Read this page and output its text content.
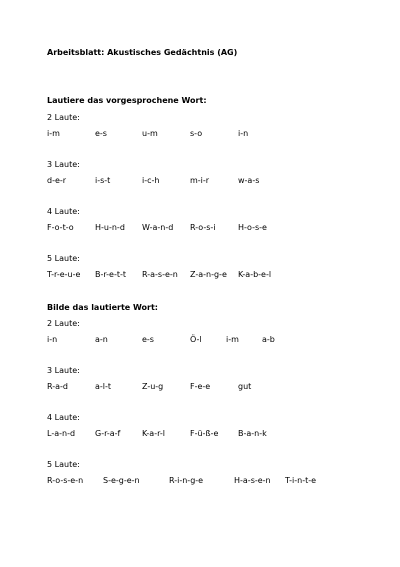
Arbeitsblatt: Akustisches Gedächtnis (AG)
Lautiere das vorgesprochene Wort:
2 Laute:
i-m	e-s	u-m	s-o	i-n
3 Laute:
d-e-r	i-s-t	i-c-h	m-i-r	w-a-s
4 Laute:
F-o-t-o	H-u-n-d W-a-n-d R-o-s-i	H-o-s-e
5 Laute:
T-r-e-u-e B-r-e-t-t R-a-s-e-n Z-a-n-g-e K-a-b-e-l
Bilde das lautierte Wort:
2 Laute:
i-n	a-n	e-s	Ö-l	i-m	a-b
3 Laute:
R-a-d	a-l-t	Z-u-g	F-e-e	gut
4 Laute:
L-a-n-d G-r-a-f	K-a-r-l	F-ü-ß-e B-a-n-k
5 Laute:
R-o-s-e-n S-e-g-e-n	R-i-n-g-e	H-a-s-e-n T-i-n-t-e
